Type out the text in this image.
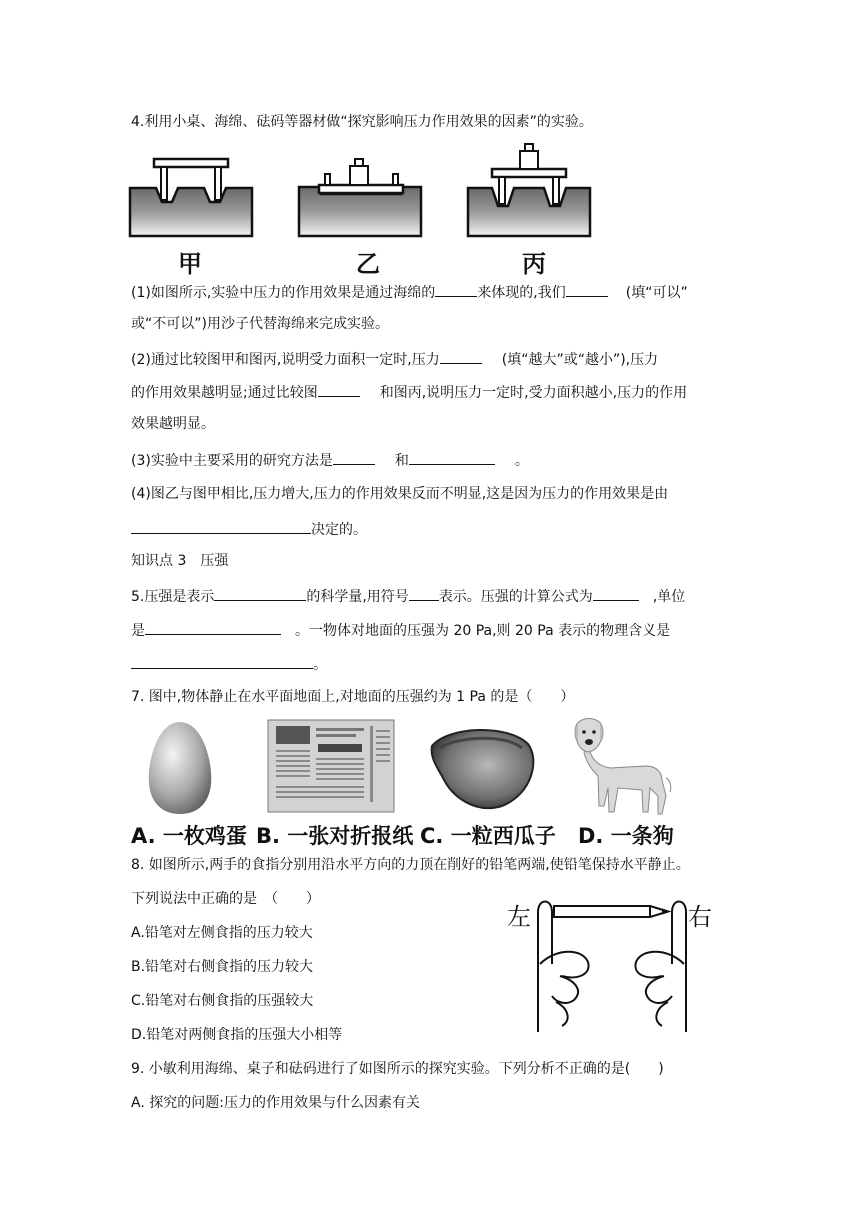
4.利用小桌、海绵、砝码等器材做“探究影响压力作用效果的因素”的实验。
甲	乙	丙
(1)如图所示,实验中压力的作用效果是通过海绵的	来体现的,我们	(填“可以”
或“不可以”)用沙子代替海绵来完成实验。
(2)通过比较图甲和图丙,说明受力面积一定时,压力	(填“越大”或“越小”),压力
的作用效果越明显;通过比较图	和图丙,说明压力一定时,受力面积越小,压力的作用
效果越明显。
(3)实验中主要采用的研究方法是	和	。
(4)图乙与图甲相比,压力增大,压力的作用效果反而不明显,这是因为压力的作用效果是由
决定的。
知识点 3　压强
5.压强是表示	的科学量,用符号 表示。压强的计算公式为	,单位
是	。一物体对地面的压强为 20 Pa,则 20 Pa 表示的物理含义是
。
7. 图中,物体静止在水平面地面上,对地面的压强约为 1 Pa 的是（　　）
A. 一枚鸡蛋 B. 一张对折报纸 C. 一粒西瓜子 D. 一条狗
8. 如图所示,两手的食指分别用沿水平方向的力顶在削好的铅笔两端,使铅笔保持水平静止。
下列说法中正确的是　（　　）
A.铅笔对左侧食指的压力较大
B.铅笔对右侧食指的压力较大
C.铅笔对右侧食指的压强较大
D.铅笔对两侧食指的压强大小相等
左	右
9. 小敏利用海绵、桌子和砝码进行了如图所示的探究实验。下列分析不正确的是(　　)
A. 探究的问题:压力的作用效果与什么因素有关
